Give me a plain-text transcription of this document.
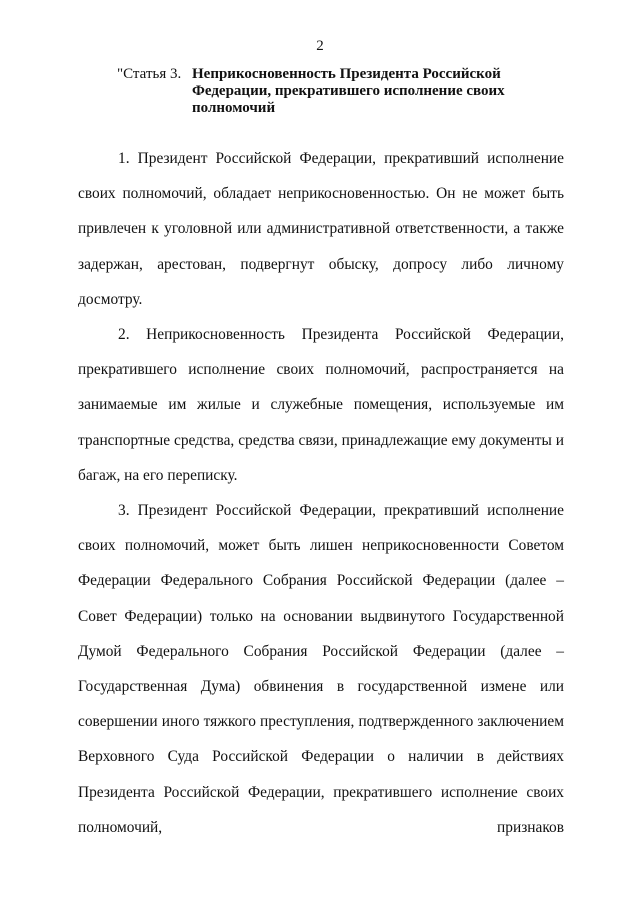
2
"Статья 3. Неприкосновенность Президента Российской Федерации, прекратившего исполнение своих полномочий

1. Президент Российской Федерации, прекративший исполнение своих полномочий, обладает неприкосновенностью. Он не может быть привлечен к уголовной или административной ответственности, а также задержан, арестован, подвергнут обыску, допросу либо личному досмотру.

2. Неприкосновенность Президента Российской Федерации, прекратившего исполнение своих полномочий, распространяется на занимаемые им жилые и служебные помещения, используемые им транспортные средства, средства связи, принадлежащие ему документы и багаж, на его переписку.

3. Президент Российской Федерации, прекративший исполнение своих полномочий, может быть лишен неприкосновенности Советом Федерации Федерального Собрания Российской Федерации (далее – Совет Федерации) только на основании выдвинутого Государственной Думой Федерального Собрания Российской Федерации (далее – Государственная Дума) обвинения в государственной измене или совершении иного тяжкого преступления, подтвержденного заключением Верховного Суда Российской Федерации о наличии в действиях Президента Российской Федерации, прекратившего исполнение своих полномочий, признаков
